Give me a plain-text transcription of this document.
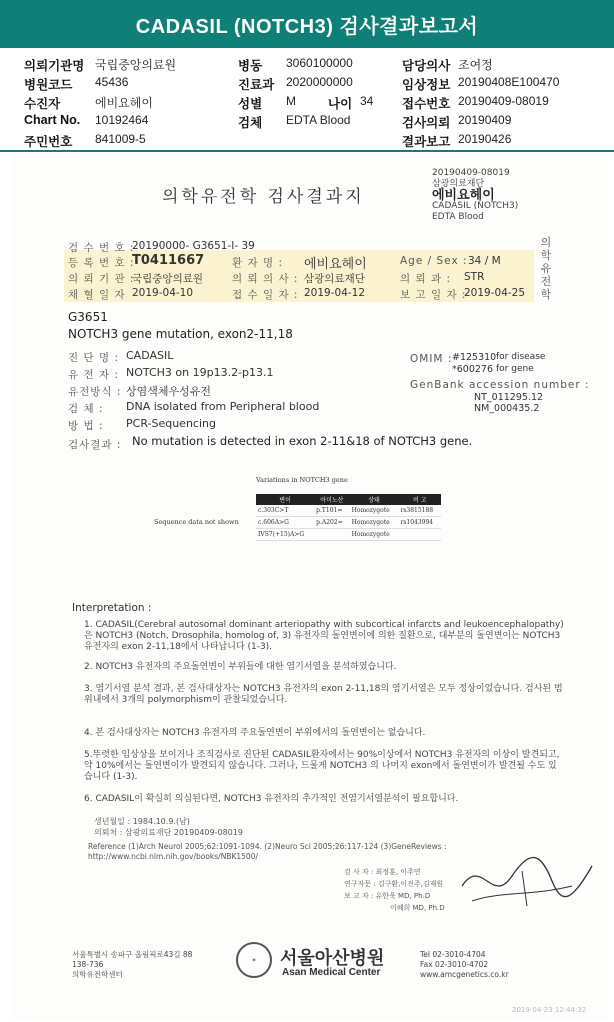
CADASIL (NOTCH3) 검사결과보고서
의뢰기관명 국립중앙의료원	병동 3060100000	담당의사 조여정
병원코드 45436	진료과 2020000000	임상정보 20190408E100470
수진자	에비요헤이	성별 M	나이 34 접수번호 20190409-08019
Chart No. 10192464	검체 EDTA Blood	검사의뢰 20190409
주민번호 841009-5	결과보고 20190426
의학유전학 검사결과지
20190409-08019
삼광의료재단
에비요헤이
CADASIL (NOTCH3)
EDTA Blood
의학유전학
검 수 번 호 :
20190000- G3651-I- 39
등 록 번 호 :
T0411667	환 자 명 : 에비요헤이	Age / Sex : 34 / M
의 뢰 기 관 :
국립중앙의료원	의 뢰 의 사 : 삼광의료재단	의 뢰 과 : STR
채 혈 일 자 2019-04-10	접 수 일 자 : 2019-04-12	보 고 일 자 :
2019-04-25
G3651
NOTCH3 gene mutation, exon2-11,18
진 단 명 : CADASIL
유 전 자 : NOTCH3 on 19p13.2-p13.1
유전방식 : 상염색체우성유전
검 체 : DNA isolated from Peripheral blood
방 법 : PCR-Sequencing
OMIM : #125310 for disease
*600276 for gene
GenBank accession number :
NT_011295.12
NM_000435.2
검사결과 : No mutation is detected in exon 2-11&18 of NOTCH3 gene.
Variations in NOTCH3 gene
Sequence data not shown
변이	아미노산	상태	비 고
c.303C>T	p.T101=	Homozygote	rs3815188
c.606A>G	p.A202=	Homozygote	rs1043994
IVS7(+15)A>G		Homozygote	
Interpretation :
1. CADASIL(Cerebral autosomal dominant arteriopathy with subcortical infarcts and leukoencephalopathy)은 NOTCH3 (Notch, Drosophila, homolog of, 3) 유전자의 돌연변이에 의한 질환으로, 대부분의 돌연변이는 NOTCH3 유전자의 exon 2-11,18에서 나타납니다 (1-3).
2. NOTCH3 유전자의 주요돌연변이 부위들에 대한 염기서열을 분석하였습니다.
3. 염기서열 분석 결과, 본 검사대상자는 NOTCH3 유전자의 exon 2-11,18의 염기서열은 모두 정상이었습니다. 검사된 범위내에서 3개의 polymorphism이 관찰되었습니다.
4. 본 검사대상자는 NOTCH3 유전자의 주요돌연변이 부위에서의 돌연변이는 없습니다.
5.뚜렷한 임상상을 보이거나 조직검사로 진단된 CADASIL환자에서는 90%이상에서 NOTCH3 유전자의 이상이 발견되고, 약 10%에서는 돌연변이가 발견되지 않습니다. 그러나, 드물게 NOTCH3 의 나머지 exon에서 돌연변이가 발견될 수도 있습니다 (1-3).
6. CADASIL이 확실히 의심된다면, NOTCH3 유전자의 추가적인 전염기서열분석이 필요합니다.
생년월일 : 1984.10.9.(남)
의뢰처 : 삼광의료재단 20190409-08019
Reference (1)Arch Neurol 2005;62:1091-1094. (2)Neuro Sci 2005;26:117-124 (3)GeneReviews : http://www.ncbi.nlm.nih.gov/books/NBK1500/
검 사 자 : 최정훈, 이주연
연구자문 : 김구환,이진주,김재원
보 고 자 : 유한욱 MD, Ph.D
이혜희 MD, Ph.D
서울특별시 송파구 올림픽로43길 88
138-736
의학유전학센터
✶	서울아산병원
Asan Medical Center
Tel 02-3010-4704
Fax 02-3010-4702
www.amcgenetics.co.kr
2019-04-23 12:44:32
